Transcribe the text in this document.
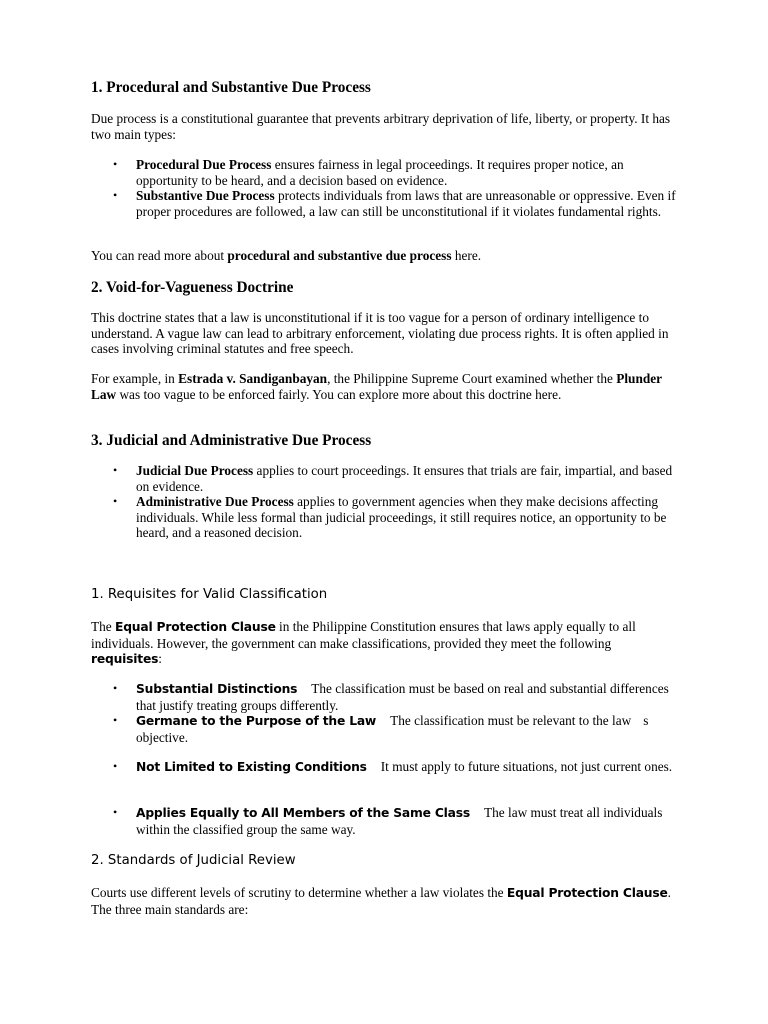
1. Procedural and Substantive Due Process

Due process is a constitutional guarantee that prevents arbitrary deprivation of life, liberty, or property. It has two main types:

• Procedural Due Process ensures fairness in legal proceedings. It requires proper notice, an opportunity to be heard, and a decision based on evidence.
• Substantive Due Process protects individuals from laws that are unreasonable or oppressive. Even if proper procedures are followed, a law can still be unconstitutional if it violates fundamental rights.

You can read more about procedural and substantive due process here.

2. Void-for-Vagueness Doctrine

This doctrine states that a law is unconstitutional if it is too vague for a person of ordinary intelligence to understand. A vague law can lead to arbitrary enforcement, violating due process rights. It is often applied in cases involving criminal statutes and free speech.

For example, in Estrada v. Sandiganbayan, the Philippine Supreme Court examined whether the Plunder Law was too vague to be enforced fairly. You can explore more about this doctrine here.

3. Judicial and Administrative Due Process
• Judicial Due Process applies to court proceedings. It ensures that trials are fair, impartial, and based on evidence.
• Administrative Due Process applies to government agencies when they make decisions affecting individuals. While less formal than judicial proceedings, it still requires notice, an opportunity to be heard, and a reasoned decision.
1. Requisites for Valid Classification

The Equal Protection Clause in the Philippine Constitution ensures that laws apply equally to all individuals. However, the government can make classifications, provided they meet the following requisites:

• Substantial Distinctions The classification must be based on real and substantial differences that justify treating groups differently.
• Germane to the Purpose of the Law The classification must be relevant to the law s objective.
• Not Limited to Existing Conditions It must apply to future situations, not just current ones.
• Applies Equally to All Members of the Same Class The law must treat all individuals within the classified group the same way.
2. Standards of Judicial Review

Courts use different levels of scrutiny to determine whether a law violates the Equal Protection Clause. The three main standards are:
